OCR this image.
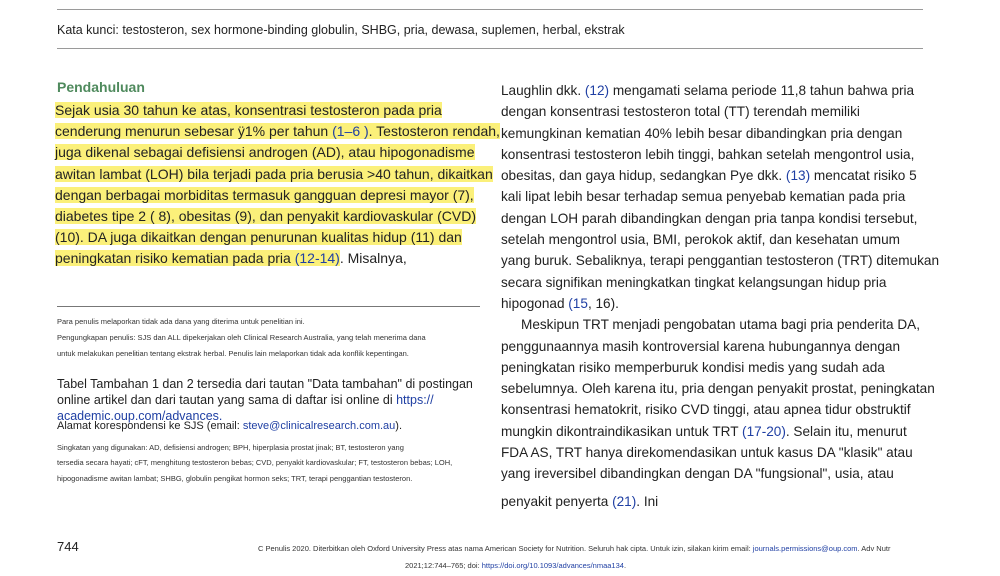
Kata kunci: testosteron, sex hormone-binding globulin, SHBG, pria, dewasa, suplemen, herbal, ekstrak
Pendahuluan
Sejak usia 30 tahun ke atas, konsentrasi testosteron pada pria
cenderung menurun sebesar ÿ1% per tahun (1–6 ). Testosteron rendah,
juga dikenal sebagai defisiensi androgen (AD), atau hipogonadisme
awitan lambat (LOH) bila terjadi pada pria berusia >40 tahun, dikaitkan
dengan berbagai morbiditas termasuk gangguan depresi mayor (7),
diabetes tipe 2 ( 8), obesitas (9), dan penyakit kardiovaskular (CVD)
(10). DA juga dikaitkan dengan penurunan kualitas hidup (11) dan
peningkatan risiko kematian pada pria (12-14). Misalnya,
Para penulis melaporkan tidak ada dana yang diterima untuk penelitian ini.
Pengungkapan penulis: SJS dan ALL dipekerjakan oleh Clinical Research Australia, yang telah menerima dana
untuk melakukan penelitian tentang ekstrak herbal. Penulis lain melaporkan tidak ada konflik kepentingan.
Tabel Tambahan 1 dan 2 tersedia dari tautan "Data tambahan" di postingan online artikel dan dari tautan yang sama di daftar isi online di https:// academic.oup.com/advances.
Alamat korespondensi ke SJS (email: steve@clinicalresearch.com.au).
Singkatan yang digunakan: AD, defisiensi androgen; BPH, hiperplasia prostat jinak; BT, testosteron yang
tersedia secara hayati; cFT, menghitung testosteron bebas; CVD, penyakit kardiovaskular; FT, testosteron bebas; LOH,
hipogonadisme awitan lambat; SHBG, globulin pengikat hormon seks; TRT, terapi penggantian testosteron.
Laughlin dkk. (12) mengamati selama periode 11,8 tahun bahwa pria
dengan konsentrasi testosteron total (TT) terendah memiliki
kemungkinan kematian 40% lebih besar dibandingkan pria dengan
konsentrasi testosteron lebih tinggi, bahkan setelah mengontrol usia,
obesitas, dan gaya hidup, sedangkan Pye dkk. (13) mencatat risiko 5
kali lipat lebih besar terhadap semua penyebab kematian pada pria
dengan LOH parah dibandingkan dengan pria tanpa kondisi tersebut,
setelah mengontrol usia, BMI, perokok aktif, dan kesehatan umum
yang buruk. Sebaliknya, terapi penggantian testosteron (TRT) ditemukan
secara signifikan meningkatkan tingkat kelangsungan hidup pria
hipogonad (15, 16).
Meskipun TRT menjadi pengobatan utama bagi pria penderita DA,
penggunaannya masih kontroversial karena hubungannya dengan
peningkatan risiko memperburuk kondisi medis yang sudah ada
sebelumnya. Oleh karena itu, pria dengan penyakit prostat, peningkatan
konsentrasi hematokrit, risiko CVD tinggi, atau apnea tidur obstruktif
mungkin dikontraindikasikan untuk TRT (17-20). Selain itu, menurut
FDA AS, TRT hanya direkomendasikan untuk kasus DA "klasik" atau
yang ireversibel dibandingkan dengan DA "fungsional", usia, atau
penyakit penyerta (21). Ini
744	C Penulis 2020. Diterbitkan oleh Oxford University Press atas nama American Society for Nutrition. Seluruh hak cipta. Untuk izin, silakan kirim email: journals.permissions@oup.com. Adv Nutr
2021;12:744–765; doi: https://doi.org/10.1093/advances/nmaa134.
